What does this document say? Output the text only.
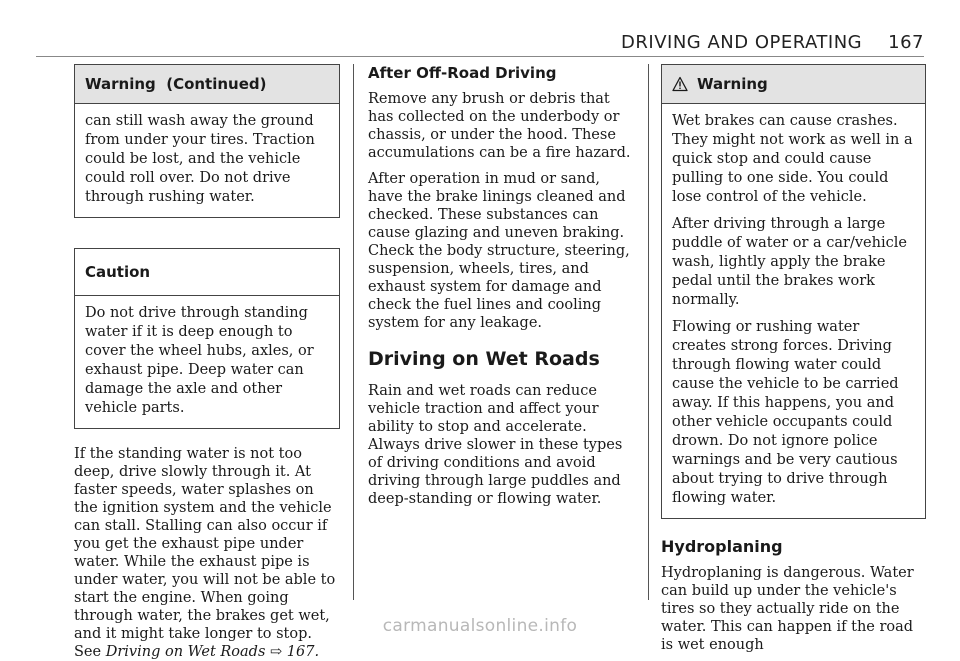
DRIVING AND OPERATING 167
Warning  (Continued)

can still wash away the ground from under your tires. Traction could be lost, and the vehicle could roll over. Do not drive through rushing water.

Caution

Do not drive through standing water if it is deep enough to cover the wheel hubs, axles, or exhaust pipe. Deep water can damage the axle and other vehicle parts.

If the standing water is not too deep, drive slowly through it. At faster speeds, water splashes on the ignition system and the vehicle can stall. Stalling can also occur if you get the exhaust pipe under water. While the exhaust pipe is under water, you will not be able to start the engine. When going through water, the brakes get wet, and it might take longer to stop.
See Driving on Wet Roads ⇨ 167.

After Off-Road Driving

Remove any brush or debris that has collected on the underbody or chassis, or under the hood. These accumulations can be a fire hazard.

After operation in mud or sand, have the brake linings cleaned and checked. These substances can cause glazing and uneven braking. Check the body structure, steering, suspension, wheels, tires, and exhaust system for damage and check the fuel lines and cooling system for any leakage.

Driving on Wet Roads

Rain and wet roads can reduce vehicle traction and affect your ability to stop and accelerate. Always drive slower in these types of driving conditions and avoid driving through large puddles and deep-standing or flowing water.

Warning

Wet brakes can cause crashes. They might not work as well in a quick stop and could cause pulling to one side. You could lose control of the vehicle.

After driving through a large puddle of water or a car/vehicle wash, lightly apply the brake pedal until the brakes work normally.

Flowing or rushing water creates strong forces. Driving through flowing water could cause the vehicle to be carried away. If this happens, you and other vehicle occupants could drown. Do not ignore police warnings and be very cautious about trying to drive through flowing water.

Hydroplaning

Hydroplaning is dangerous. Water can build up under the vehicle's tires so they actually ride on the water. This can happen if the road is wet enough

carmanualsonline.info
